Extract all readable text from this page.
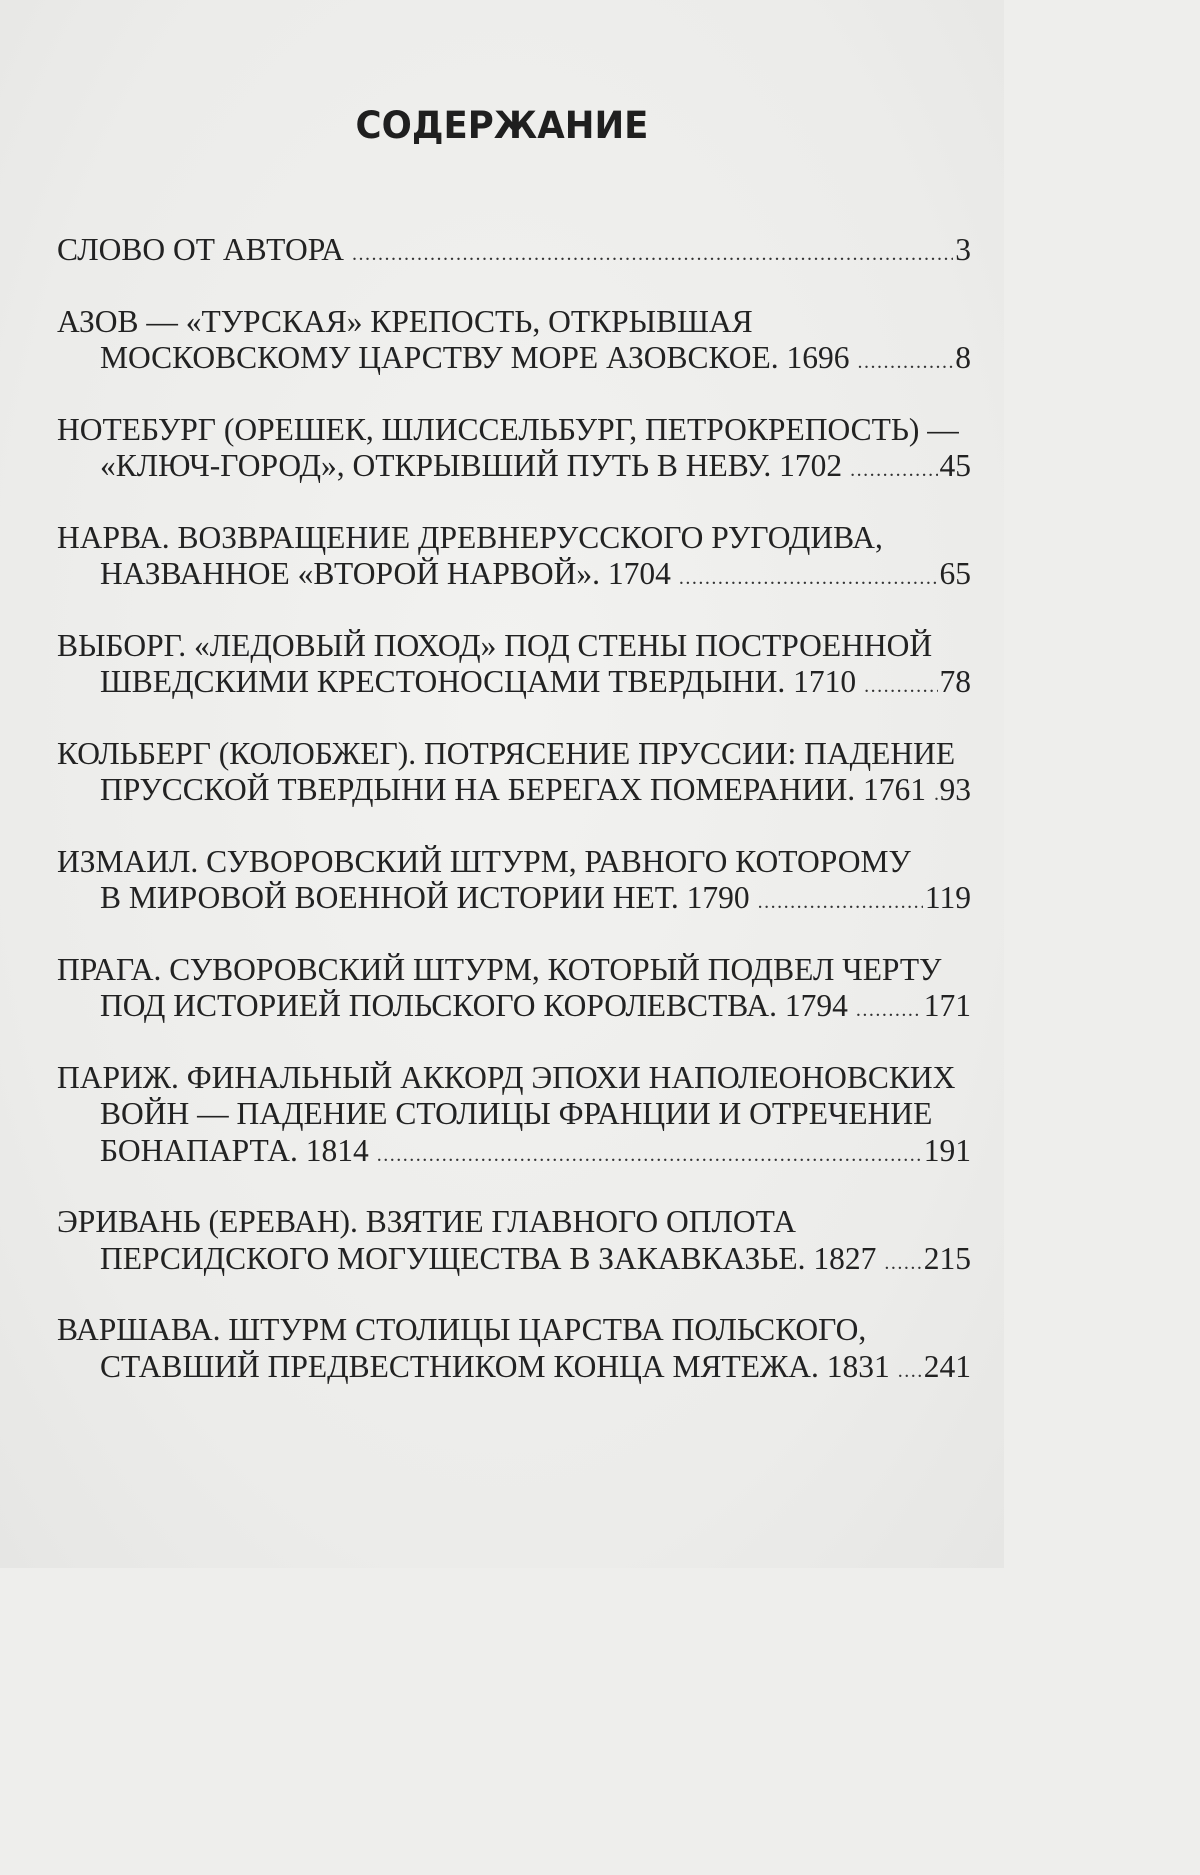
СОДЕРЖАНИЕ
СЛОВО ОТ АВТОРА .....	3
АЗОВ — «ТУРСКАЯ» КРЕПОСТЬ, ОТКРЫВШАЯ
МОСКОВСКОМУ ЦАРСТВУ МОРЕ АЗОВСКОЕ. 1696 .....	8
НОТЕБУРГ (ОРЕШЕК, ШЛИССЕЛЬБУРГ, ПЕТРОКРЕПОСТЬ) —
«КЛЮЧ-ГОРОД», ОТКРЫВШИЙ ПУТЬ В НЕВУ. 1702 .....	45
НАРВА. ВОЗВРАЩЕНИЕ ДРЕВНЕРУССКОГО РУГОДИВА,
НАЗВАННОЕ «ВТОРОЙ НАРВОЙ». 1704 .....	65
ВЫБОРГ. «ЛЕДОВЫЙ ПОХОД» ПОД СТЕНЫ ПОСТРОЕННОЙ
ШВЕДСКИМИ КРЕСТОНОСЦАМИ ТВЕРДЫНИ. 1710 .....	78
КОЛЬБЕРГ (КОЛОБЖЕГ). ПОТРЯСЕНИЕ ПРУССИИ: ПАДЕНИЕ
ПРУССКОЙ ТВЕРДЫНИ НА БЕРЕГАХ ПОМЕРАНИИ. 1761 ..... 93
ИЗМАИЛ. СУВОРОВСКИЙ ШТУРМ, РАВНОГО КОТОРОМУ
В МИРОВОЙ ВОЕННОЙ ИСТОРИИ НЕТ. 1790 .....	119
ПРАГА. СУВОРОВСКИЙ ШТУРМ, КОТОРЫЙ ПОДВЕЛ ЧЕРТУ
ПОД ИСТОРИЕЙ ПОЛЬСКОГО КОРОЛЕВСТВА. 1794 ..... 171
ПАРИЖ. ФИНАЛЬНЫЙ АККОРД ЭПОХИ НАПОЛЕОНОВСКИХ
ВОЙН — ПАДЕНИЕ СТОЛИЦЫ ФРАНЦИИ И ОТРЕЧЕНИЕ
БОНАПАРТА. 1814 .....	191
ЭРИВАНЬ (ЕРЕВАН). ВЗЯТИЕ ГЛАВНОГО ОПЛОТА
ПЕРСИДСКОГО МОГУЩЕСТВА В ЗАКАВКАЗЬЕ. 1827 ..... 215
ВАРШАВА. ШТУРМ СТОЛИЦЫ ЦАРСТВА ПОЛЬСКОГО,
СТАВШИЙ ПРЕДВЕСТНИКОМ КОНЦА МЯТЕЖА. 1831 ..... 241
